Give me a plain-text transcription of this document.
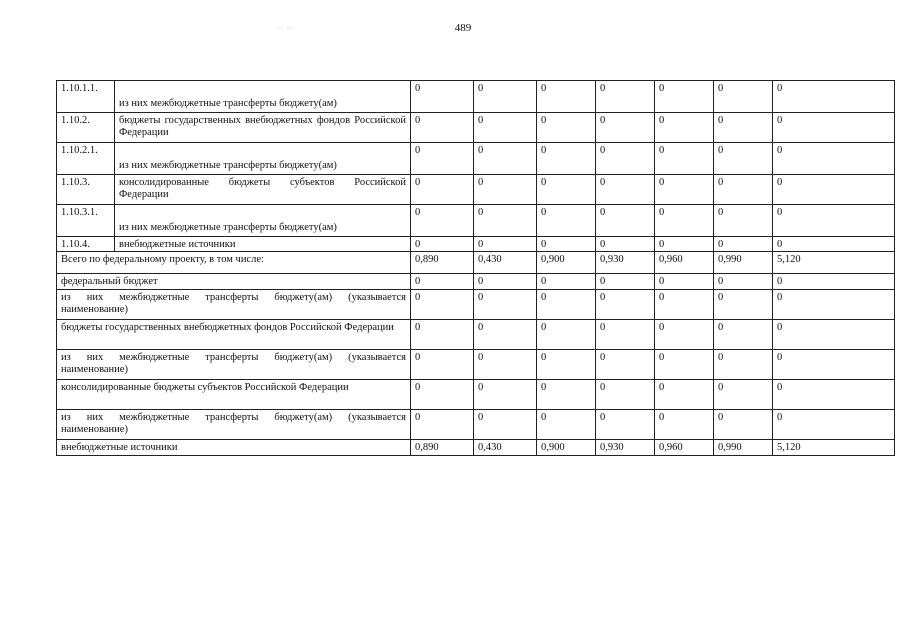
·: ·:·	489
1.10.1.1.	из них межбюджетные трансферты бюджету(ам)	0	0	0	0	0	0	0
1.10.2.	бюджеты государственных внебюджетных фондов Российской Федерации	0	0	0	0	0	0	0
1.10.2.1.	из них межбюджетные трансферты бюджету(ам)	0	0	0	0	0	0	0
1.10.3.	консолидированные бюджеты субъектов Российской Федерации	0	0	0	0	0	0	0
1.10.3.1.	из них межбюджетные трансферты бюджету(ам)	0	0	0	0	0	0	0
1.10.4.	внебюджетные источники	0	0	0	0	0	0	0
Всего по федеральному проекту, в том числе:		0,890	0,430	0,900	0,930	0,960	0,990	5,120
федеральный бюджет		0	0	0	0	0	0	0
из них межбюджетные трансферты бюджету(ам) (указывается наименование)		0	0	0	0	0	0	0
бюджеты государственных внебюджетных фондов Российской Федерации		0	0	0	0	0	0	0
из них межбюджетные трансферты бюджету(ам) (указывается наименование)		0	0	0	0	0	0	0
консолидированные бюджеты субъектов Российской Федерации		0	0	0	0	0	0	0
из них межбюджетные трансферты бюджету(ам) (указывается наименование)		0	0	0	0	0	0	0
внебюджетные источники		0,890	0,430	0,900	0,930	0,960	0,990	5,120
